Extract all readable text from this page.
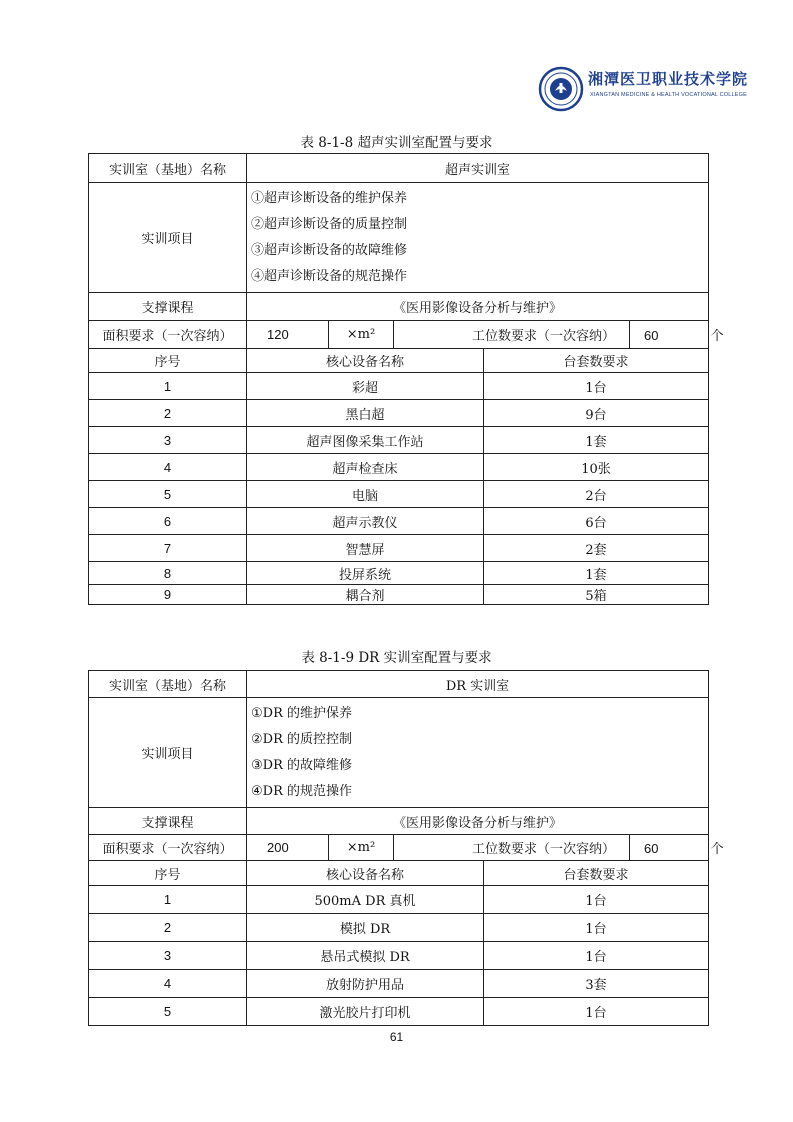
湘潭医卫职业技术学院
XIANGTAN MEDICINE & HEALTH VOCATIONAL COLLEGE
表 8-1-8 超声实训室配置与要求
实训室（基地）名称	超声实训室				
实训项目	①超声诊断设备的维护保养
②超声诊断设备的质量控制
③超声诊断设备的故障维修
④超声诊断设备的规范操作				

支撑课程	《医用影像设备分析与维护》				
面积要求（一次容纳）	120	×m²	工位数要求（一次容纳）		60 个
序号	核心设备名称			台套数要求	
1	彩超			1台	
2	黑白超			9台	
3	超声图像采集工作站			1套	
4	超声检查床			10张	
5	电脑			2台	
6	超声示教仪			6台	
7	智慧屏			2套	
8	投屏系统			1套	
9	耦合剂			5箱	
表 8-1-9 DR 实训室配置与要求
实训室（基地）名称	DR 实训室				
实训项目	①DR 的维护保养
②DR 的质控控制
③DR 的故障维修
④DR 的规范操作				

支撑课程	《医用影像设备分析与维护》				
面积要求（一次容纳）	200	×m²	工位数要求（一次容纳）		60 个
序号	核心设备名称			台套数要求	
1	500mA DR 真机			1台	
2	模拟 DR			1台	
3	悬吊式模拟 DR			1台	
4	放射防护用品			3套	
5	激光胶片打印机			1台	
61
